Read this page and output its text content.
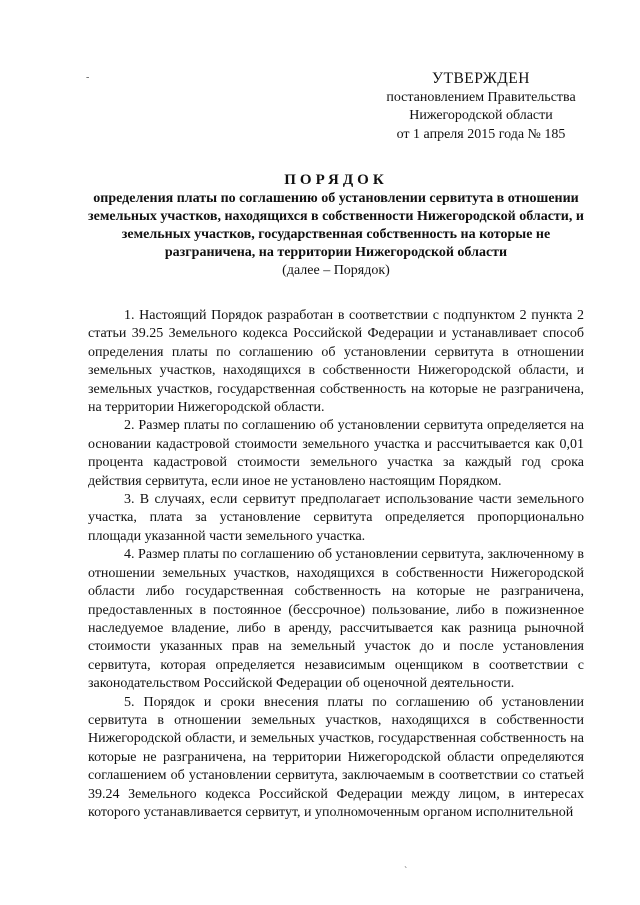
-	УТВЕРЖДЕН
постановлением Правительства
Нижегородской области
от 1 апреля 2015 года № 185
ПОРЯДОК
определения платы по соглашению об установлении сервитута в отношении земельных участков, находящихся в собственности Нижегородской области, и земельных участков, государственная собственность на которые не разграничена, на территории Нижегородской области
(далее – Порядок)

1. Настоящий Порядок разработан в соответствии с подпунктом 2 пункта 2 статьи 39.25 Земельного кодекса Российской Федерации и устанавливает способ определения платы по соглашению об установлении сервитута в отношении земельных участков, находящихся в собственности Нижегородской области, и земельных участков, государственная собственность на которые не разграничена, на территории Нижегородской области.

2. Размер платы по соглашению об установлении сервитута определяется на основании кадастровой стоимости земельного участка и рассчитывается как 0,01 процента кадастровой стоимости земельного участка за каждый год срока действия сервитута, если иное не установлено настоящим Порядком.

3. В случаях, если сервитут предполагает использование части земельного участка, плата за установление сервитута определяется пропорционально площади указанной части земельного участка.

4. Размер платы по соглашению об установлении сервитута, заключенному в отношении земельных участков, находящихся в собственности Нижегородской области либо государственная собственность на которые не разграничена, предоставленных в постоянное (бессрочное) пользование, либо в пожизненное наследуемое владение, либо в аренду, рассчитывается как разница рыночной стоимости указанных прав на земельный участок до и после установления сервитута, которая определяется независимым оценщиком в соответствии с законодательством Российской Федерации об оценочной деятельности.

5. Порядок и сроки внесения платы по соглашению об установлении сервитута в отношении земельных участков, находящихся в собственности Нижегородской области, и земельных участков, государственная собственность на которые не разграничена, на территории Нижегородской области определяются соглашением об установлении сервитута, заключаемым в соответствии со статьей 39.24 Земельного кодекса Российской Федерации между лицом, в интересах которого устанавливается сервитут, и уполномоченным органом исполнительной

`
